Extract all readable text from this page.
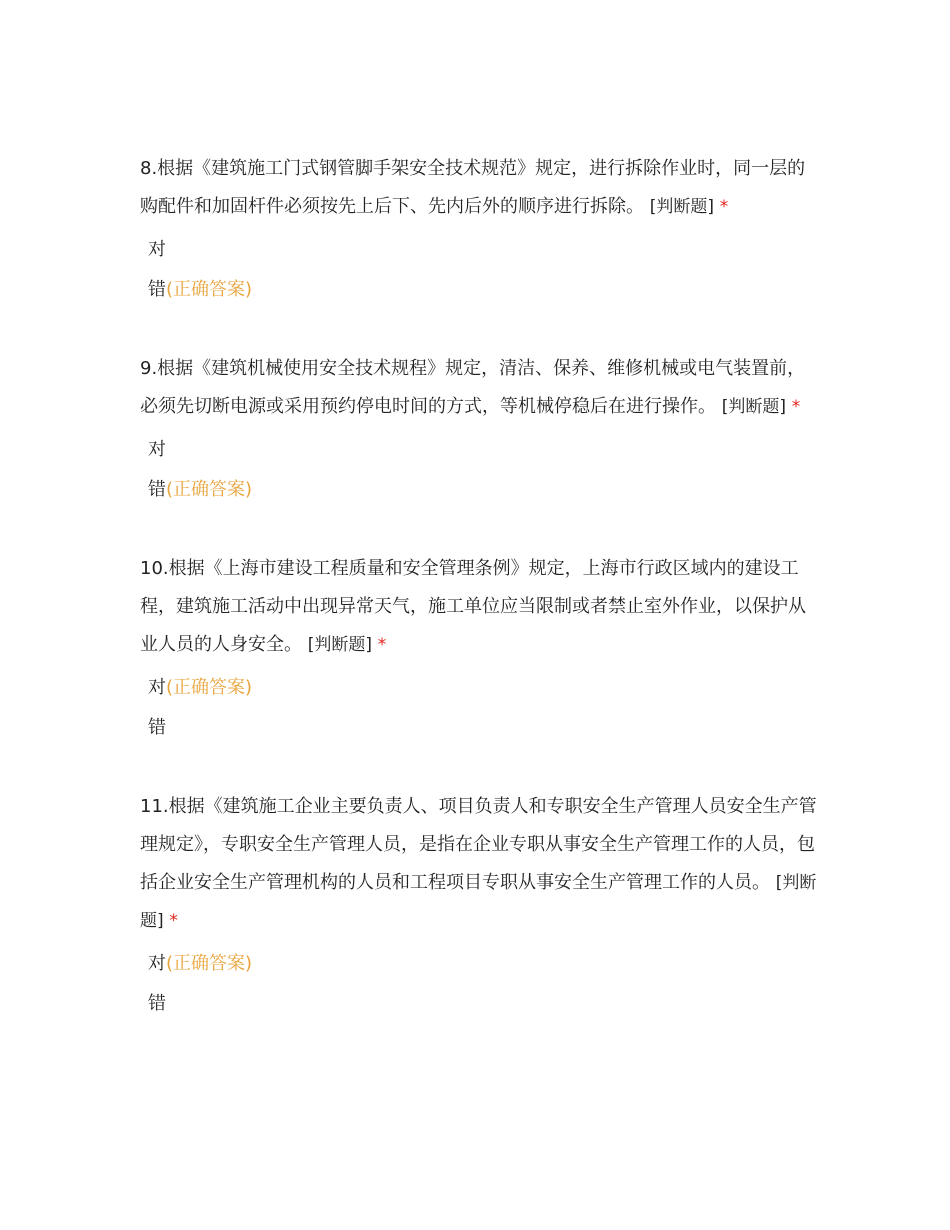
8.根据《建筑施工门式钢管脚手架安全技术规范》规定，进行拆除作业时，同一层的购配件和加固杆件必须按先上后下、先内后外的顺序进行拆除。 [判断题] *

对
错(正确答案)

9.根据《建筑机械使用安全技术规程》规定，清洁、保养、维修机械或电气装置前，必须先切断电源或采用预约停电时间的方式，等机械停稳后在进行操作。 [判断题] *

对
错(正确答案)

10.根据《上海市建设工程质量和安全管理条例》规定，上海市行政区域内的建设工程，建筑施工活动中出现异常天气，施工单位应当限制或者禁止室外作业，以保护从业人员的人身安全。 [判断题] *

对(正确答案)
错

11.根据《建筑施工企业主要负责人、项目负责人和专职安全生产管理人员安全生产管理规定》，专职安全生产管理人员，是指在企业专职从事安全生产管理工作的人员，包括企业安全生产管理机构的人员和工程项目专职从事安全生产管理工作的人员。 [判断题] *

对(正确答案)
错
